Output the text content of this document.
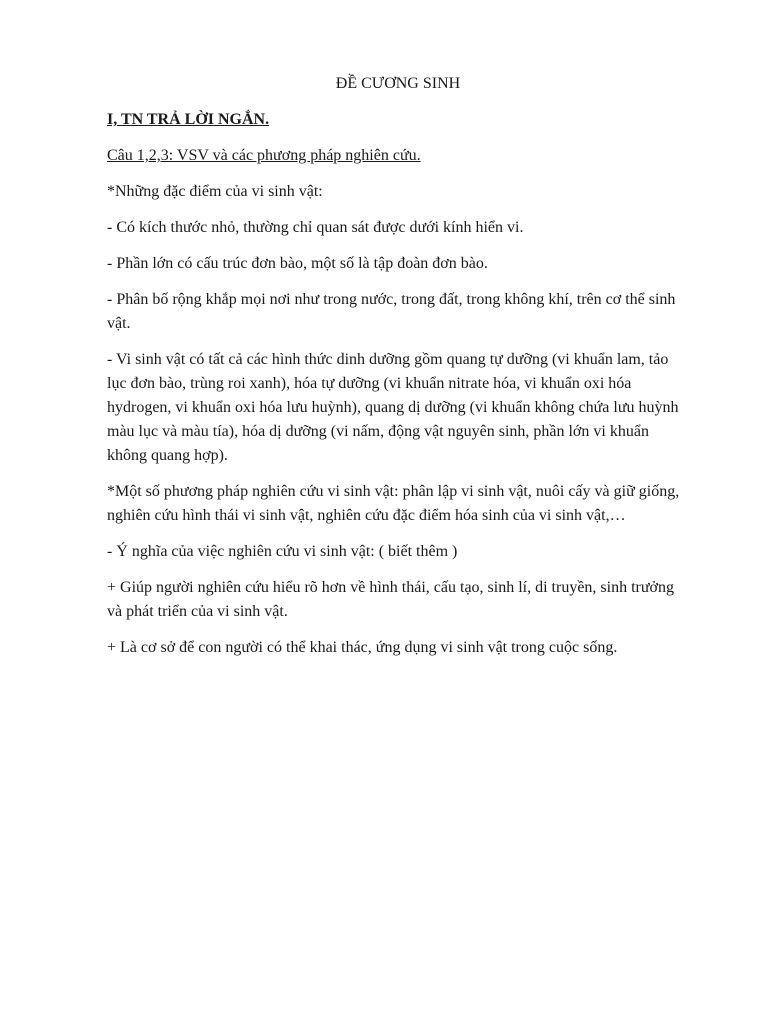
ĐỀ CƯƠNG SINH

I, TN TRẢ LỜI NGẮN.

Câu 1,2,3: VSV và các phương pháp nghiên cứu.

*Những đặc điểm của vi sinh vật:

- Có kích thước nhỏ, thường chỉ quan sát được dưới kính hiển vi.

- Phần lớn có cấu trúc đơn bào, một số là tập đoàn đơn bào.

- Phân bố rộng khắp mọi nơi như trong nước, trong đất, trong không khí, trên cơ thể sinh vật.

- Vi sinh vật có tất cả các hình thức dinh dưỡng gồm quang tự dưỡng (vi khuẩn lam, tảo lục đơn bào, trùng roi xanh), hóa tự dưỡng (vi khuẩn nitrate hóa, vi khuẩn oxi hóa hydrogen, vi khuẩn oxi hóa lưu huỳnh), quang dị dưỡng (vi khuẩn không chứa lưu huỳnh màu lục và màu tía), hóa dị dưỡng (vi nấm, động vật nguyên sinh, phần lớn vi khuẩn không quang hợp).

*Một số phương pháp nghiên cứu vi sinh vật: phân lập vi sinh vật, nuôi cấy và giữ giống, nghiên cứu hình thái vi sinh vật, nghiên cứu đặc điểm hóa sinh của vi sinh vật,…

- Ý nghĩa của việc nghiên cứu vi sinh vật: ( biết thêm )

+ Giúp người nghiên cứu hiểu rõ hơn về hình thái, cấu tạo, sinh lí, di truyền, sinh trưởng và phát triển của vi sinh vật.

+ Là cơ sở để con người có thể khai thác, ứng dụng vi sinh vật trong cuộc sống.
